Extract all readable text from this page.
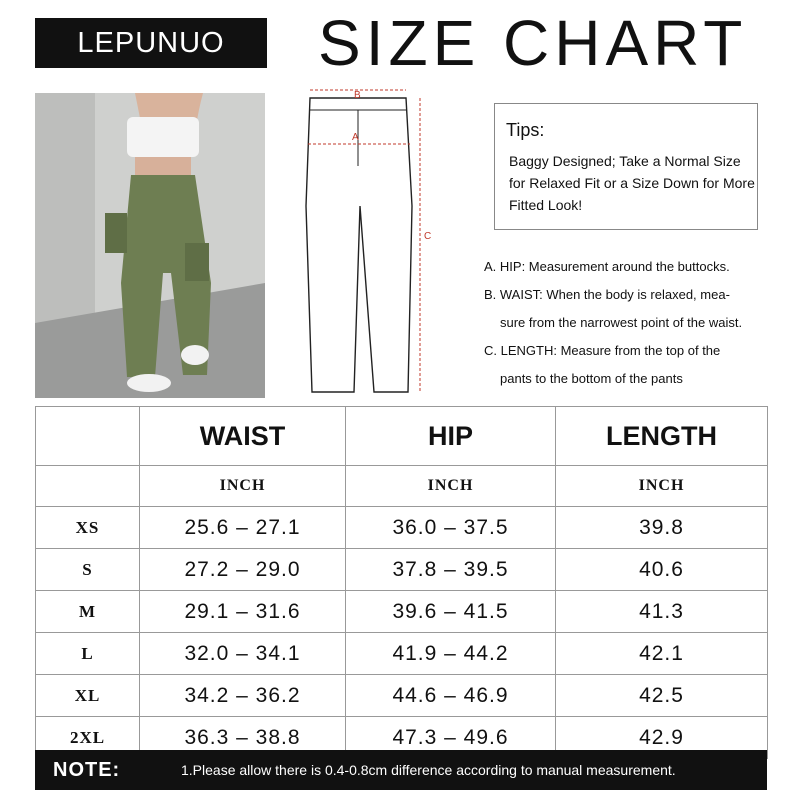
LEPUNUO	SIZE CHART
B
A
C
Tips:
Baggy Designed; Take a Normal Size for Relaxed Fit or a Size Down for More Fitted Look!
A. HIP: Measurement around the buttocks.
B. WAIST: When the body is relaxed, mea-
sure from the narrowest point of the waist.
C. LENGTH: Measure from the top of the
pants to the bottom of the pants
	WAIST	HIP	LENGTH
	INCH	INCH	INCH
XS	25.6 – 27.1	36.0 – 37.5	39.8
S	27.2 – 29.0	37.8 – 39.5	40.6
M	29.1 – 31.6	39.6 – 41.5	41.3
L	32.0 – 34.1	41.9 – 44.2	42.1
XL	34.2 – 36.2	44.6 – 46.9	42.5
2XL	36.3 – 38.8	47.3 – 49.6	42.9
NOTE:	1.Please allow there is 0.4-0.8cm difference according to manual measurement.
